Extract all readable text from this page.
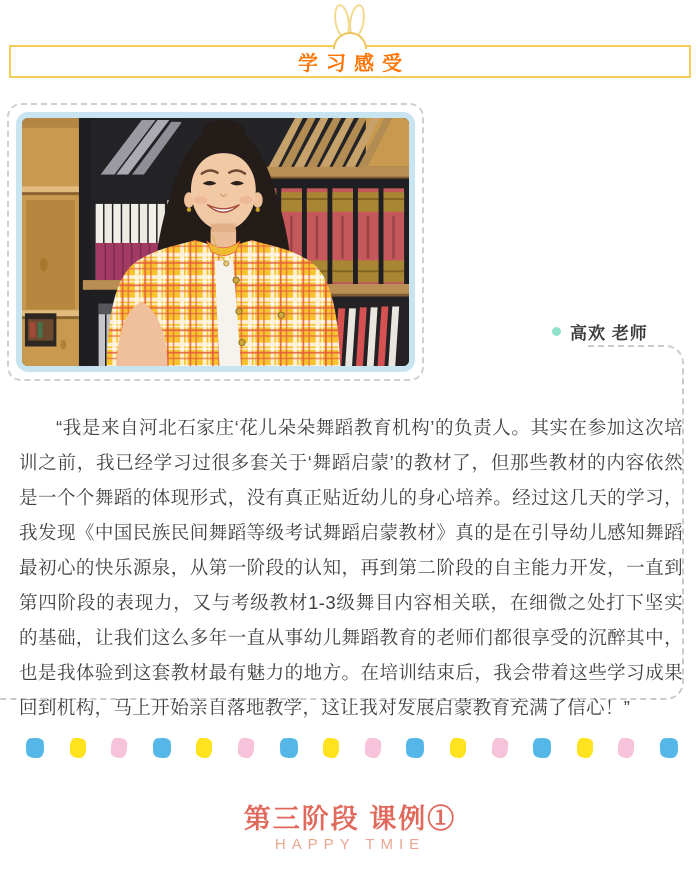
学习感受
高欢 老师

“我是来自河北石家庄‘花儿朵朵舞蹈教育机构’的负责人。其实在参加这次培训之前，我已经学习过很多套关于‘舞蹈启蒙’的教材了，但那些教材的内容依然是一个个舞蹈的体现形式，没有真正贴近幼儿的身心培养。经过这几天的学习，我发现《中国民族民间舞蹈等级考试舞蹈启蒙教材》真的是在引导幼儿感知舞蹈最初心的快乐源泉，从第一阶段的认知，再到第二阶段的自主能力开发，一直到第四阶段的表现力，又与考级教材1-3级舞目内容相关联，在细微之处打下坚实的基础，让我们这么多年一直从事幼儿舞蹈教育的老师们都很享受的沉醉其中，也是我体验到这套教材最有魅力的地方。在培训结束后，我会带着这些学习成果回到机构，马上开始亲自落地教学，这让我对发展启蒙教育充满了信心！”

第三阶段 课例①
HAPPY TMIE
